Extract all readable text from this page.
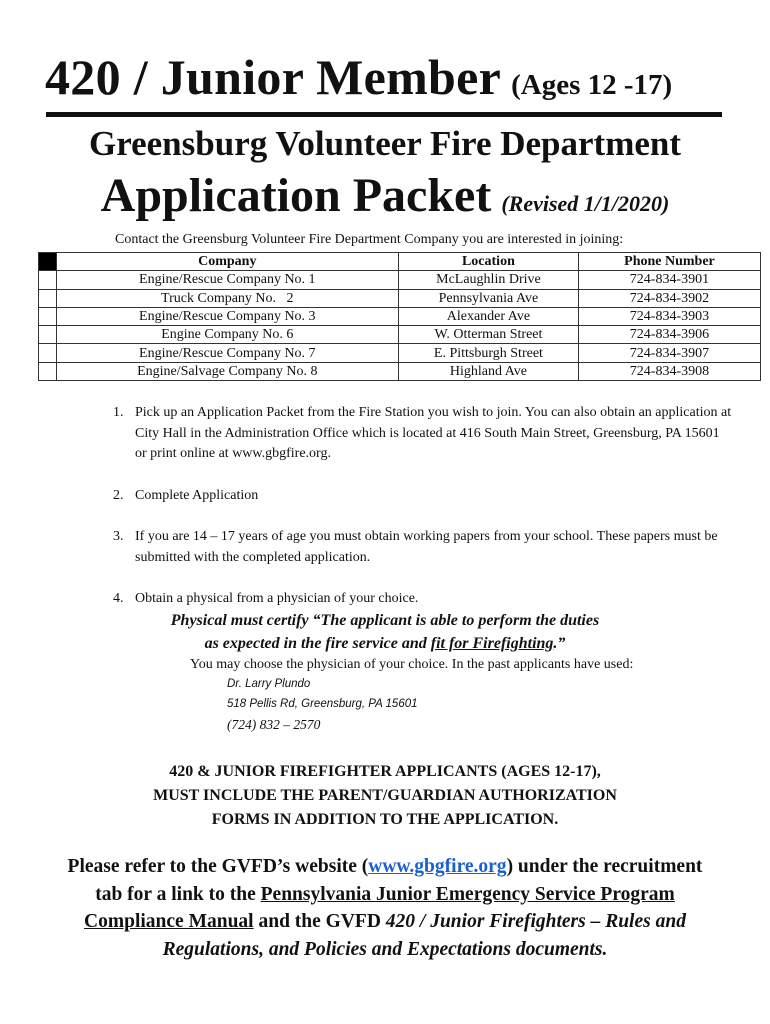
420 / Junior Member (Ages 12 -17)
Greensburg Volunteer Fire Department
Application Packet (Revised 1/1/2020)
Contact the Greensburg Volunteer Fire Department Company you are interested in joining:
	Company	Location	Phone Number
	Engine/Rescue Company No. 1	McLaughlin Drive	724-834-3901
	Truck Company No.   2	Pennsylvania Ave	724-834-3902
	Engine/Rescue Company No. 3	Alexander Ave	724-834-3903
	Engine Company No. 6	W. Otterman Street	724-834-3906
	Engine/Rescue Company No. 7	E. Pittsburgh Street	724-834-3907
	Engine/Salvage Company No. 8	Highland Ave	724-834-3908
1. Pick up an Application Packet from the Fire Station you wish to join. You can also obtain an application at City Hall in the Administration Office which is located at 416 South Main Street, Greensburg, PA 15601 or print online at www.gbgfire.org.
2. Complete Application
3. If you are 14 – 17 years of age you must obtain working papers from your school. These papers must be submitted with the completed application.
4. Obtain a physical from a physician of your choice.
Physical must certify “The applicant is able to perform the duties
as expected in the fire service and fit for Firefighting.”
You may choose the physician of your choice. In the past applicants have used:
Dr. Larry Plundo
518 Pellis Rd, Greensburg, PA 15601
(724) 832 – 2570
420 & JUNIOR FIREFIGHTER APPLICANTS (AGES 12-17),
MUST INCLUDE THE PARENT/GUARDIAN AUTHORIZATION
FORMS IN ADDITION TO THE APPLICATION.
Please refer to the GVFD’s website (www.gbgfire.org) under the recruitment
tab for a link to the Pennsylvania Junior Emergency Service Program
Compliance Manual and the GVFD 420 / Junior Firefighters – Rules and
Regulations, and Policies and Expectations documents.
